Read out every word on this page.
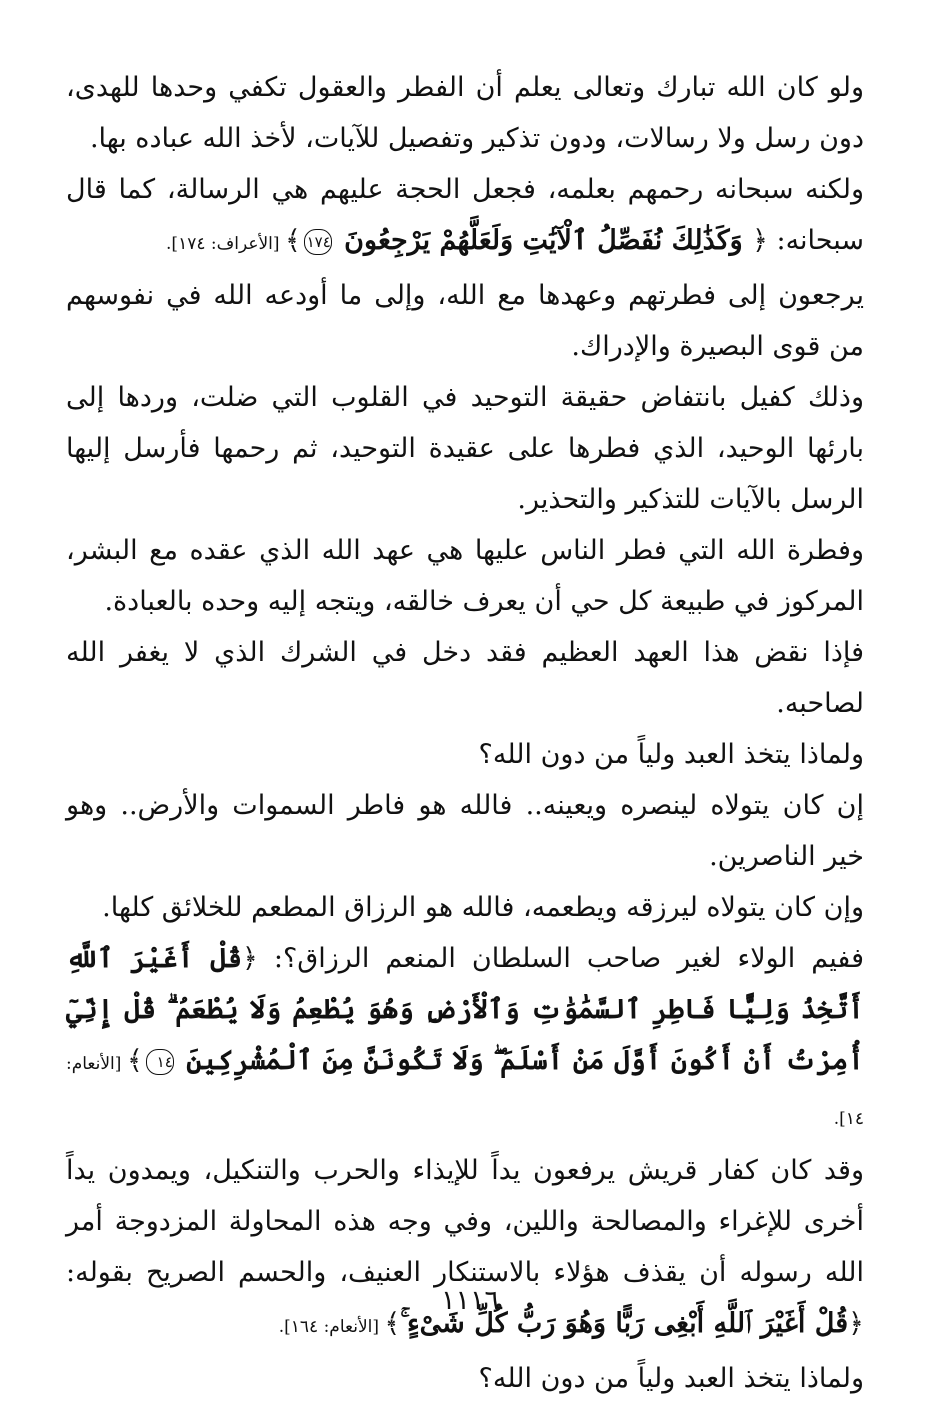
ولو كان الله تبارك وتعالى يعلم أن الفطر والعقول تكفي وحدها للهدى، دون رسل ولا رسالات، ودون تذكير وتفصيل للآيات، لأخذ الله عباده بها.

ولكنه سبحانه رحمهم بعلمه، فجعل الحجة عليهم هي الرسالة، كما قال سبحانه: ﴿ وَكَذَٰلِكَ نُفَصِّلُ ٱلْآيَٰتِ وَلَعَلَّهُمْ يَرْجِعُونَ ١٧٤﴾ [الأعراف: ١٧٤].

يرجعون إلى فطرتهم وعهدها مع الله، وإلى ما أودعه الله في نفوسهم من قوى البصيرة والإدراك.

وذلك كفيل بانتفاض حقيقة التوحيد في القلوب التي ضلت، وردها إلى بارئها الوحيد، الذي فطرها على عقيدة التوحيد، ثم رحمها فأرسل إليها الرسل بالآيات للتذكير والتحذير.

وفطرة الله التي فطر الناس عليها هي عهد الله الذي عقده مع البشر، المركوز في طبيعة كل حي أن يعرف خالقه، ويتجه إليه وحده بالعبادة.

فإذا نقض هذا العهد العظيم فقد دخل في الشرك الذي لا يغفر الله لصاحبه.

ولماذا يتخذ العبد ولياً من دون الله؟

إن كان يتولاه لينصره ويعينه.. فالله هو فاطر السموات والأرض.. وهو خير الناصرين.

وإن كان يتولاه ليرزقه ويطعمه، فالله هو الرزاق المطعم للخلائق كلها.

ففيم الولاء لغير صاحب السلطان المنعم الرزاق؟: ﴿قُلْ أَغَيْرَ ٱللَّهِ أَتَّخِذُ وَلِيًّا فَاطِرِ ٱلسَّمَٰوَٰتِ وَٱلْأَرْضِ وَهُوَ يُطْعِمُ وَلَا يُطْعَمُ ۗ قُلْ إِنِّيٓ أُمِرْتُ أَنْ أَكُونَ أَوَّلَ مَنْ أَسْلَمَ ۖ وَلَا تَكُونَنَّ مِنَ ٱلْمُشْرِكِينَ ١٤﴾ [الأنعام: ١٤].

وقد كان كفار قريش يرفعون يداً للإيذاء والحرب والتنكيل، ويمدون يداً أخرى للإغراء والمصالحة واللين، وفي وجه هذه المحاولة المزدوجة أمر الله رسوله أن يقذف هؤلاء بالاستنكار العنيف، والحسم الصريح بقوله: ﴿قُلْ أَغَيْرَ ٱللَّهِ أَبْغِى رَبًّا وَهُوَ رَبُّ كُلِّ شَىْءٍ ۚ﴾ [الأنعام: ١٦٤].

ولماذا يتخذ العبد ولياً من دون الله؟

١١١٦
